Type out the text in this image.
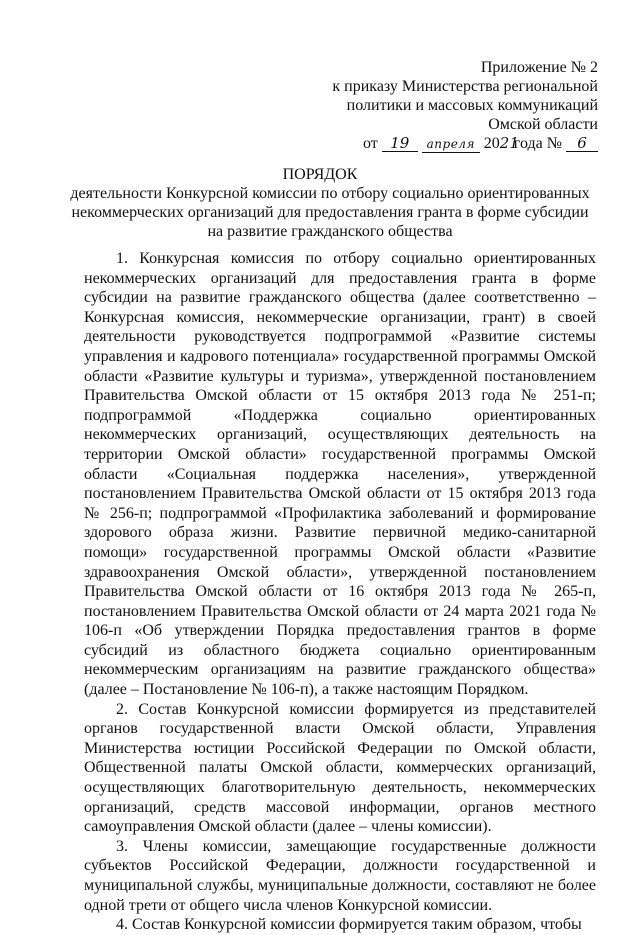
Приложение № 2
к приказу Министерства региональной
политики и массовых коммуникаций
Омской области
от 19 апреля 2021 года № 6
ПОРЯДОК
деятельности Конкурсной комиссии по отбору социально ориентированных некоммерческих организаций для предоставления гранта в форме субсидии на развитие гражданского общества

1. Конкурсная комиссия по отбору социально ориентированных некоммерческих организаций для предоставления гранта в форме субсидии на развитие гражданского общества (далее соответственно – Конкурсная комиссия, некоммерческие организации, грант) в своей деятельности руководствуется подпрограммой «Развитие системы управления и кадрового потенциала» государственной программы Омской области «Развитие культуры и туризма», утвержденной постановлением Правительства Омской области от 15 октября 2013 года № 251-п; подпрограммой «Поддержка социально ориентированных некоммерческих организаций, осуществляющих деятельность на территории Омской области» государственной программы Омской области «Социальная поддержка населения», утвержденной постановлением Правительства Омской области от 15 октября 2013 года № 256-п; подпрограммой «Профилактика заболеваний и формирование здорового образа жизни. Развитие первичной медико-санитарной помощи» государственной программы Омской области «Развитие здравоохранения Омской области», утвержденной постановлением Правительства Омской области от 16 октября 2013 года № 265-п, постановлением Правительства Омской области от 24 марта 2021 года № 106-п «Об утверждении Порядка предоставления грантов в форме субсидий из областного бюджета социально ориентированным некоммерческим организациям на развитие гражданского общества» (далее – Постановление № 106-п), а также настоящим Порядком.

2. Состав Конкурсной комиссии формируется из представителей органов государственной власти Омской области, Управления Министерства юстиции Российской Федерации по Омской области, Общественной палаты Омской области, коммерческих организаций, осуществляющих благотворительную деятельность, некоммерческих организаций, средств массовой информации, органов местного самоуправления Омской области (далее – члены комиссии).

3. Члены комиссии, замещающие государственные должности субъектов Российской Федерации, должности государственной и муниципальной службы, муниципальные должности, составляют не более одной трети от общего числа членов Конкурсной комиссии.

4. Состав Конкурсной комиссии формируется таким образом, чтобы
